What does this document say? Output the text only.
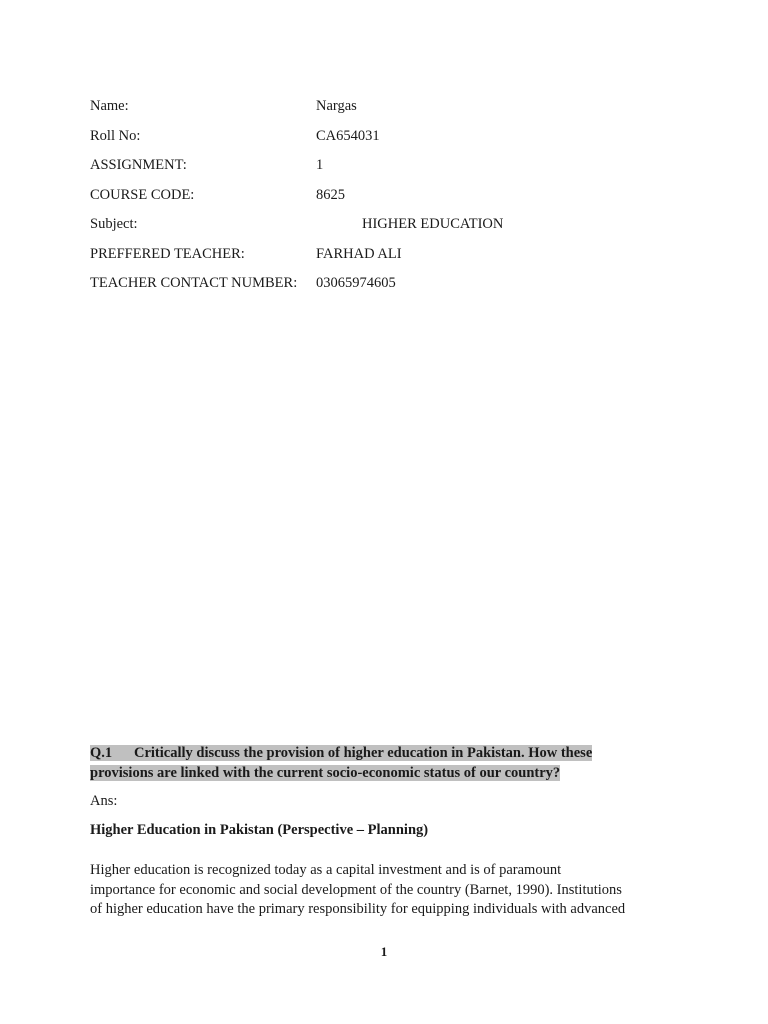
Name:	Nargas
Roll No:	CA654031
ASSIGNMENT:	1
COURSE CODE:	8625
Subject:	HIGHER EDUCATION
PREFFERED TEACHER:	FARHAD ALI
TEACHER CONTACT NUMBER:	03065974605
Q.1 Critically discuss the provision of higher education in Pakistan. How these
provisions are linked with the current socio-economic status of our country?
Ans:
Higher Education in Pakistan (Perspective – Planning)
Higher education is recognized today as a capital investment and is of paramount
importance for economic and social development of the country (Barnet, 1990). Institutions
of higher education have the primary responsibility for equipping individuals with advanced
1
